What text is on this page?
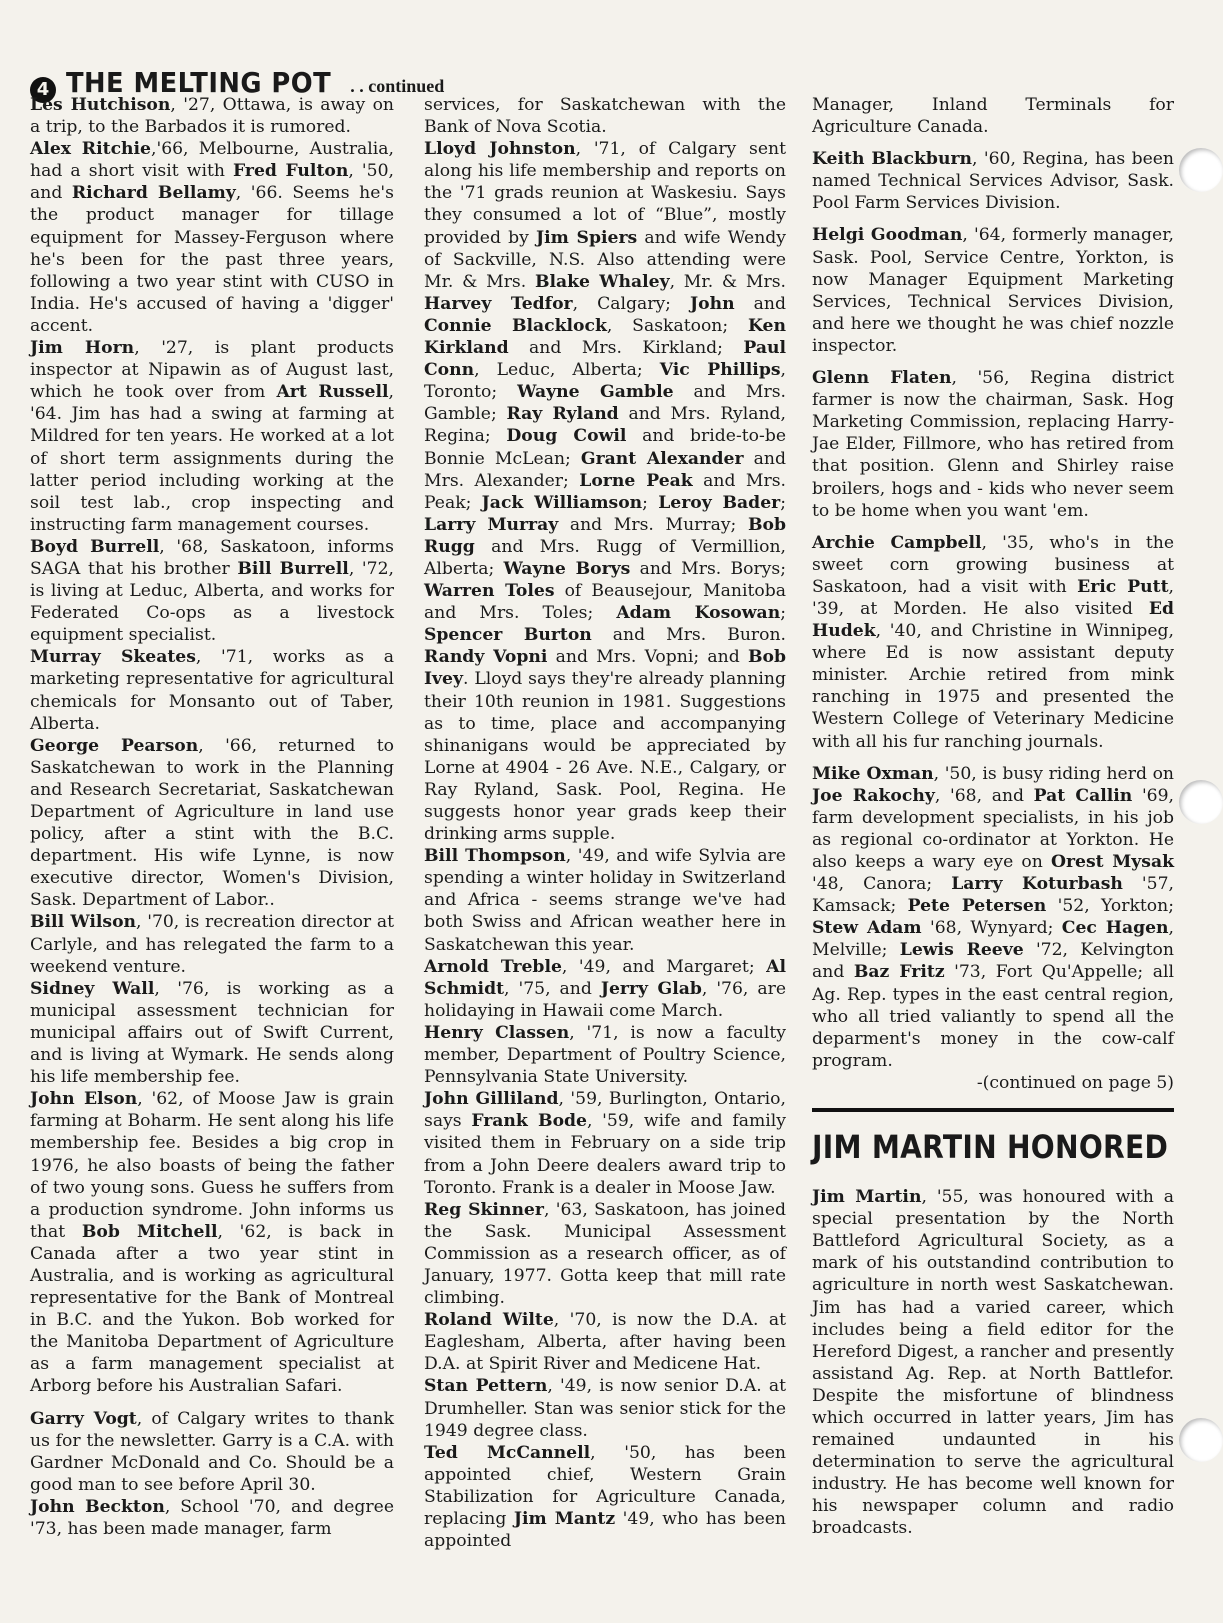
4 THE MELTING POT . . continued

Les Hutchison, '27, Ottawa, is away on a trip, to the Barbados it is rumored.

Alex Ritchie,'66, Melbourne, Australia, had a short visit with Fred Fulton, '50, and Richard Bellamy, '66. Seems he's the product manager for tillage equipment for Massey-Ferguson where he's been for the past three years, following a two year stint with CUSO in India. He's accused of having a 'digger' accent.

Jim Horn, '27, is plant products inspector at Nipawin as of August last, which he took over from Art Russell, '64. Jim has had a swing at farming at Mildred for ten years. He worked at a lot of short term assignments during the latter period including working at the soil test lab., crop inspecting and instructing farm management courses.

Boyd Burrell, '68, Saskatoon, informs SAGA that his brother Bill Burrell, '72, is living at Leduc, Alberta, and works for Federated Co-ops as a livestock equipment specialist.

Murray Skeates, '71, works as a marketing representative for agricultural chemicals for Monsanto out of Taber, Alberta.

George Pearson, '66, returned to Saskatchewan to work in the Planning and Research Secretariat, Saskatchewan Department of Agriculture in land use policy, after a stint with the B.C. department. His wife Lynne, is now executive director, Women's Division, Sask. Department of Labor..

Bill Wilson, '70, is recreation director at Carlyle, and has relegated the farm to a weekend venture.

Sidney Wall, '76, is working as a municipal assessment technician for municipal affairs out of Swift Current, and is living at Wymark. He sends along his life membership fee.

John Elson, '62, of Moose Jaw is grain farming at Boharm. He sent along his life membership fee. Besides a big crop in 1976, he also boasts of being the father of two young sons. Guess he suffers from a production syndrome. John informs us that Bob Mitchell, '62, is back in Canada after a two year stint in Australia, and is working as agricultural representative for the Bank of Montreal in B.C. and the Yukon. Bob worked for the Manitoba Department of Agriculture as a farm management specialist at Arborg before his Australian Safari.

Garry Vogt, of Calgary writes to thank us for the newsletter. Garry is a C.A. with Gardner McDonald and Co. Should be a good man to see before April 30.

John Beckton, School '70, and degree '73, has been made manager, farm

services, for Saskatchewan with the Bank of Nova Scotia.

Lloyd Johnston, '71, of Calgary sent along his life membership and reports on the '71 grads reunion at Waskesiu. Says they consumed a lot of “Blue”, mostly provided by Jim Spiers and wife Wendy of Sackville, N.S. Also attending were Mr. & Mrs. Blake Whaley, Mr. & Mrs. Harvey Tedfor, Calgary; John and Connie Blacklock, Saskatoon; Ken Kirkland and Mrs. Kirkland; Paul Conn, Leduc, Alberta; Vic Phillips, Toronto; Wayne Gamble and Mrs. Gamble; Ray Ryland and Mrs. Ryland, Regina; Doug Cowil and bride-to-be Bonnie McLean; Grant Alexander and Mrs. Alexander; Lorne Peak and Mrs. Peak; Jack Williamson; Leroy Bader; Larry Murray and Mrs. Murray; Bob Rugg and Mrs. Rugg of Vermillion, Alberta; Wayne Borys and Mrs. Borys; Warren Toles of Beausejour, Manitoba and Mrs. Toles; Adam Kosowan; Spencer Burton and Mrs. Buron. Randy Vopni and Mrs. Vopni; and Bob Ivey. Lloyd says they're already planning their 10th reunion in 1981. Suggestions as to time, place and accompanying shinanigans would be appreciated by Lorne at 4904 - 26 Ave. N.E., Calgary, or Ray Ryland, Sask. Pool, Regina. He suggests honor year grads keep their drinking arms supple.

Bill Thompson, '49, and wife Sylvia are spending a winter holiday in Switzerland and Africa - seems strange we've had both Swiss and African weather here in Saskatchewan this year.

Arnold Treble, '49, and Margaret; Al Schmidt, '75, and Jerry Glab, '76, are holidaying in Hawaii come March.

Henry Classen, '71, is now a faculty member, Department of Poultry Science, Pennsylvania State University.

John Gilliland, '59, Burlington, Ontario, says Frank Bode, '59, wife and family visited them in February on a side trip from a John Deere dealers award trip to Toronto. Frank is a dealer in Moose Jaw.

Reg Skinner, '63, Saskatoon, has joined the Sask. Municipal Assessment Commission as a research officer, as of January, 1977. Gotta keep that mill rate climbing.

Roland Wilte, '70, is now the D.A. at Eaglesham, Alberta, after having been D.A. at Spirit River and Medicene Hat.

Stan Pettern, '49, is now senior D.A. at Drumheller. Stan was senior stick for the 1949 degree class.

Ted McCannell, '50, has been appointed chief, Western Grain Stabilization for Agriculture Canada, replacing Jim Mantz '49, who has been appointed

Manager, Inland Terminals for Agriculture Canada.

Keith Blackburn, '60, Regina, has been named Technical Services Advisor, Sask. Pool Farm Services Division.

Helgi Goodman, '64, formerly manager, Sask. Pool, Service Centre, Yorkton, is now Manager Equipment Marketing Services, Technical Services Division, and here we thought he was chief nozzle inspector.

Glenn Flaten, '56, Regina district farmer is now the chairman, Sask. Hog Marketing Commission, replacing Harry-Jae Elder, Fillmore, who has retired from that position. Glenn and Shirley raise broilers, hogs and - kids who never seem to be home when you want 'em.

Archie Campbell, '35, who's in the sweet corn growing business at Saskatoon, had a visit with Eric Putt, '39, at Morden. He also visited Ed Hudek, '40, and Christine in Winnipeg, where Ed is now assistant deputy minister. Archie retired from mink ranching in 1975 and presented the Western College of Veterinary Medicine with all his fur ranching journals.

Mike Oxman, '50, is busy riding herd on Joe Rakochy, '68, and Pat Callin '69, farm development specialists, in his job as regional co-ordinator at Yorkton. He also keeps a wary eye on Orest Mysak '48, Canora; Larry Koturbash '57, Kamsack; Pete Petersen '52, Yorkton; Stew Adam '68, Wynyard; Cec Hagen, Melville; Lewis Reeve '72, Kelvington and Baz Fritz '73, Fort Qu'Appelle; all Ag. Rep. types in the east central region, who all tried valiantly to spend all the deparment's money in the cow-calf program.

-(continued on page 5)

JIM MARTIN HONORED

Jim Martin, '55, was honoured with a special presentation by the North Battleford Agricultural Society, as a mark of his outstandind contribution to agriculture in north west Saskatchewan. Jim has had a varied career, which includes being a field editor for the Hereford Digest, a rancher and presently assistand Ag. Rep. at North Battlefor. Despite the misfortune of blindness which occurred in latter years, Jim has remained undaunted in his determination to serve the agricultural industry. He has become well known for his newspaper column and radio broadcasts.
